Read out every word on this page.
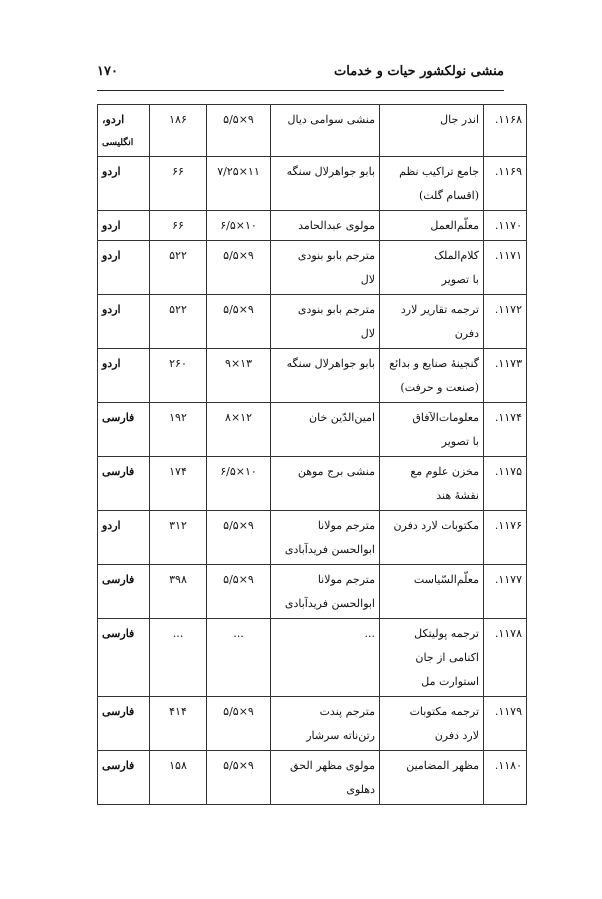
منشی نولکشور حیات و خدمات
۱۷۰
۱۱۶۸.	اندر جال	منشی سوامی دیال	۹×۵/۵	۱۸۶	اردو،
انگلیسی

۱۱۶۹.	جامع تراکیب نظم
(اقسام گلت)	بابو جواهرلال سنگه	۱۱×۷/۲۵	۶۶	اردو

۱۱۷۰.	معلّم‌العمل	مولوی عبدالحامد	۱۰×۶/۵	۶۶	اردو

۱۱۷۱.	کلام‌الملک
با تصویر	مترجم بابو بنودی
لال	۹×۵/۵	۵۲۲	اردو

۱۱۷۲.	ترجمه تقاریر لارد
دفرن	مترجم بابو بنودی
لال	۹×۵/۵	۵۲۲	اردو

۱۱۷۳.	گنجینهٔ صنایع و بدائع
(صنعت و حرفت)	بابو جواهرلال سنگه	۱۳×۹	۲۶۰	اردو

۱۱۷۴.	معلومات‌الآفاق
با تصویر	امین‌الدّین خان	۱۲×۸	۱۹۲	فارسی

۱۱۷۵.	مخزن علوم مع
نقشهٔ هند	منشی برج موهن	۱۰×۶/۵	۱۷۴	فارسی

۱۱۷۶.	مکتوبات لارد دفرن	مترجم مولانا
ابوالحسن فریدآبادی	۹×۵/۵	۳۱۲	اردو

۱۱۷۷.	معلّم‌السّیاست	مترجم مولانا
ابوالحسن فریدآبادی	۹×۵/۵	۳۹۸	فارسی

۱۱۷۸.	ترجمه پولیتکل
اکنامی از جان
استوارت مل	...	...	...	فارسی

۱۱۷۹.	ترجمه مکتوبات
لارد دفرن	مترجم پندت
رتن‌ناته سرشار	۹×۵/۵	۴۱۴	فارسی

۱۱۸۰.	مظهر المضامین	مولوی مظهر الحق
دهلوی	۹×۵/۵	۱۵۸	فارسی
